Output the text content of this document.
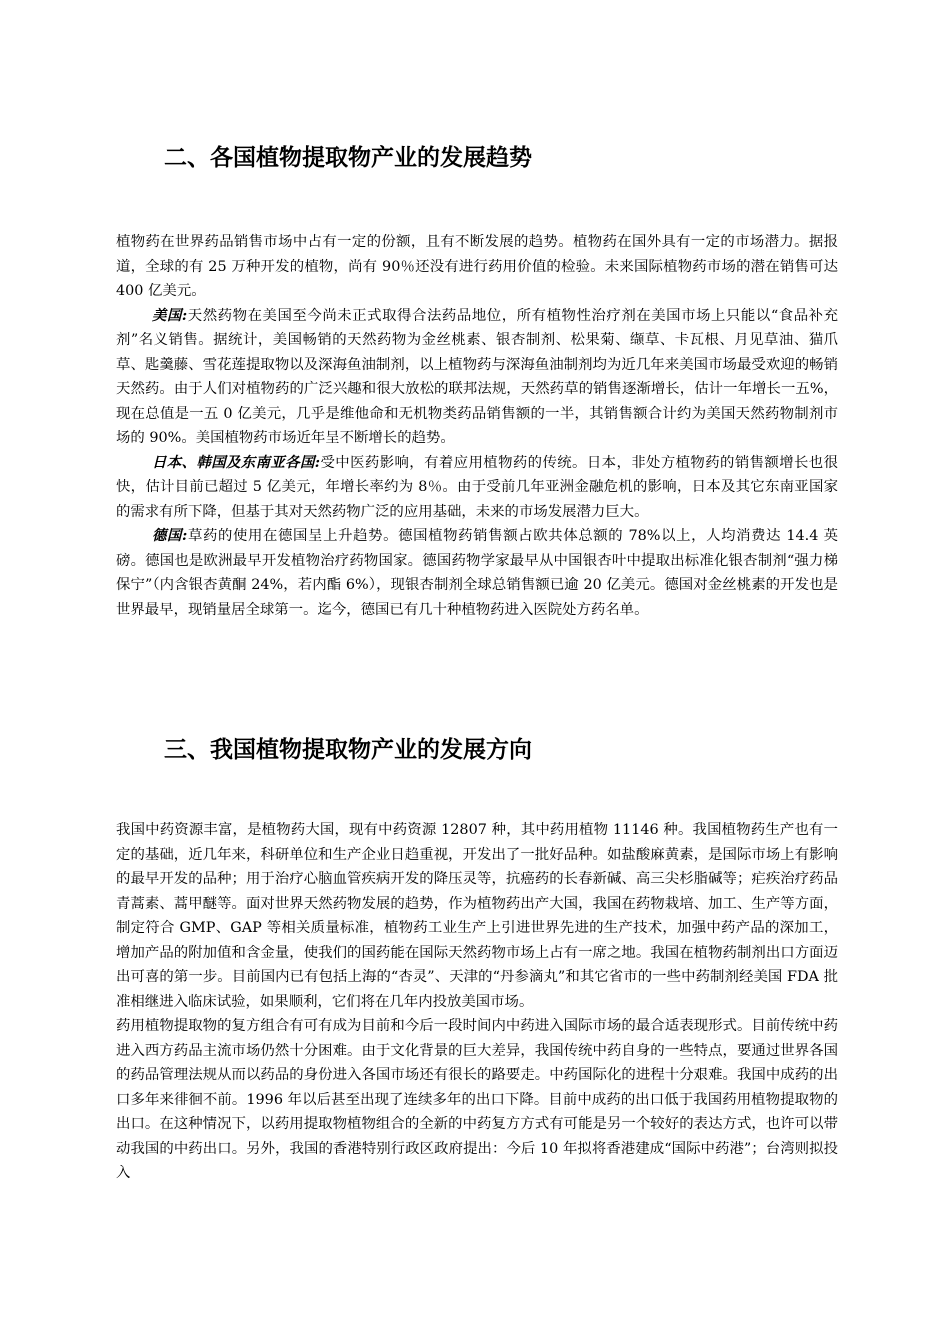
二、各国植物提取物产业的发展趋势

植物药在世界药品销售市场中占有一定的份额，且有不断发展的趋势。植物药在国外具有一定的市场潜力。据报道，全球的有 25 万种开发的植物，尚有 90％还没有进行药用价值的检验。未来国际植物药市场的潜在销售可达 400 亿美元。

美国:天然药物在美国至今尚未正式取得合法药品地位，所有植物性治疗剂在美国市场上只能以“食品补充剂”名义销售。据统计，美国畅销的天然药物为金丝桃素、银杏制剂、松果菊、缬草、卡瓦根、月见草油、猫爪草、匙羹藤、雪花莲提取物以及深海鱼油制剂，以上植物药与深海鱼油制剂均为近几年来美国市场最受欢迎的畅销天然药。由于人们对植物药的广泛兴趣和很大放松的联邦法规，天然药草的销售逐渐增长，估计一年增长一五%，现在总值是一五 0 亿美元，几乎是维他命和无机物类药品销售额的一半，其销售额合计约为美国天然药物制剂市场的 90%。美国植物药市场近年呈不断增长的趋势。

日本、韩国及东南亚各国:受中医药影响，有着应用植物药的传统。日本，非处方植物药的销售额增长也很快，估计目前已超过 5 亿美元，年增长率约为 8％。由于受前几年亚洲金融危机的影响，日本及其它东南亚国家的需求有所下降，但基于其对天然药物广泛的应用基础，未来的市场发展潜力巨大。

德国:草药的使用在德国呈上升趋势。德国植物药销售额占欧共体总额的 78%以上，人均消费达 14.4 英磅。德国也是欧洲最早开发植物治疗药物国家。德国药物学家最早从中国银杏叶中提取出标准化银杏制剂“强力梯保宁”（内含银杏黄酮 24%，若内酯 6%），现银杏制剂全球总销售额已逾 20 亿美元。德国对金丝桃素的开发也是世界最早，现销量居全球第一。迄今，德国已有几十种植物药进入医院处方药名单。

三、我国植物提取物产业的发展方向

我国中药资源丰富，是植物药大国，现有中药资源 12807 种，其中药用植物 11146 种。我国植物药生产也有一定的基础，近几年来，科研单位和生产企业日趋重视，开发出了一批好品种。如盐酸麻黄素，是国际市场上有影响的最早开发的品种；用于治疗心脑血管疾病开发的降压灵等，抗癌药的长春新碱、高三尖杉脂碱等；疟疾治疗药品青蒿素、蒿甲醚等。面对世界天然药物发展的趋势，作为植物药出产大国，我国在药物栽培、加工、生产等方面，制定符合 GMP、GAP 等相关质量标准，植物药工业生产上引进世界先进的生产技术，加强中药产品的深加工，增加产品的附加值和含金量，使我们的国药能在国际天然药物市场上占有一席之地。我国在植物药制剂出口方面迈出可喜的第一步。目前国内已有包括上海的“杏灵”、天津的“丹参滴丸”和其它省市的一些中药制剂经美国 FDA 批准相继进入临床试验，如果顺利，它们将在几年内投放美国市场。

药用植物提取物的复方组合有可有成为目前和今后一段时间内中药进入国际市场的最合适表现形式。目前传统中药进入西方药品主流市场仍然十分困难。由于文化背景的巨大差异，我国传统中药自身的一些特点，要通过世界各国的药品管理法规从而以药品的身份进入各国市场还有很长的路要走。中药国际化的进程十分艰难。我国中成药的出口多年来徘徊不前。1996 年以后甚至出现了连续多年的出口下降。目前中成药的出口低于我国药用植物提取物的出口。在这种情况下，以药用提取物植物组合的全新的中药复方方式有可能是另一个较好的表达方式，也许可以带动我国的中药出口。另外，我国的香港特别行政区政府提出：今后 10 年拟将香港建成“国际中药港”；台湾则拟投入
